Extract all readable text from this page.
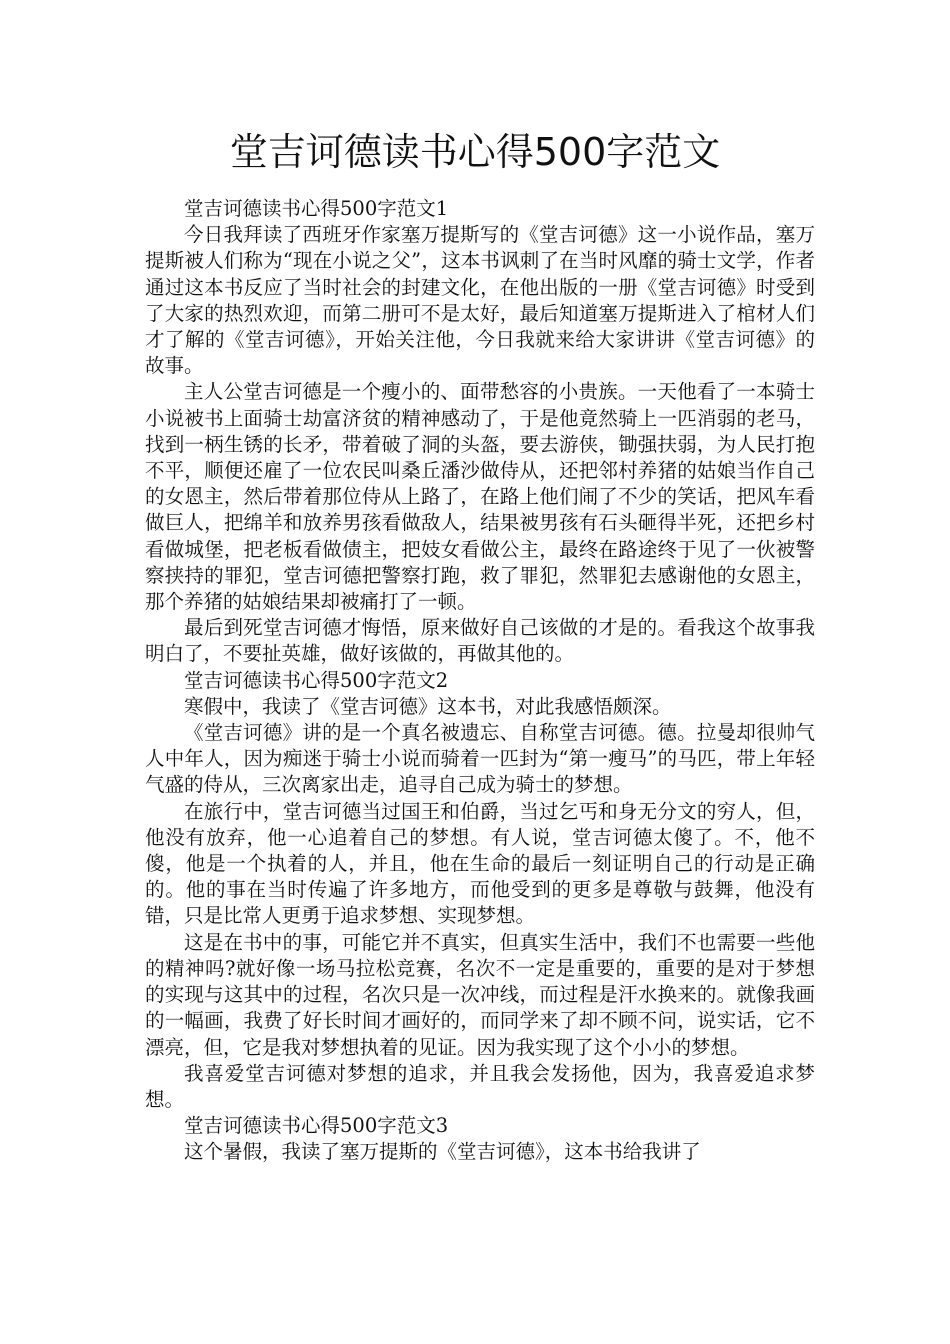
堂吉诃德读书心得500字范文

堂吉诃德读书心得500字范文1

今日我拜读了西班牙作家塞万提斯写的《堂吉诃德》这一小说作品，塞万提斯被人们称为“现在小说之父”，这本书讽刺了在当时风靡的骑士文学，作者通过这本书反应了当时社会的封建文化，在他出版的一册《堂吉诃德》时受到了大家的热烈欢迎，而第二册可不是太好，最后知道塞万提斯进入了棺材人们才了解的《堂吉诃德》，开始关注他，今日我就来给大家讲讲《堂吉诃德》的故事。

主人公堂吉诃德是一个瘦小的、面带愁容的小贵族。一天他看了一本骑士小说被书上面骑士劫富济贫的精神感动了，于是他竟然骑上一匹消弱的老马，找到一柄生锈的长矛，带着破了洞的头盔，要去游侠，锄强扶弱，为人民打抱不平，顺便还雇了一位农民叫桑丘潘沙做侍从，还把邻村养猪的姑娘当作自己的女恩主，然后带着那位侍从上路了，在路上他们闹了不少的笑话，把风车看做巨人，把绵羊和放养男孩看做敌人，结果被男孩有石头砸得半死，还把乡村看做城堡，把老板看做债主，把妓女看做公主，最终在路途终于见了一伙被警察挟持的罪犯，堂吉诃德把警察打跑，救了罪犯，然罪犯去感谢他的女恩主，那个养猪的姑娘结果却被痛打了一顿。

最后到死堂吉诃德才悔悟，原来做好自己该做的才是的。看我这个故事我明白了，不要扯英雄，做好该做的，再做其他的。

堂吉诃德读书心得500字范文2

寒假中，我读了《堂吉诃德》这本书，对此我感悟颇深。

《堂吉诃德》讲的是一个真名被遗忘、自称堂吉诃德。德。拉曼却很帅气人中年人，因为痴迷于骑士小说而骑着一匹封为“第一瘦马”的马匹，带上年轻气盛的侍从，三次离家出走，追寻自己成为骑士的梦想。

在旅行中，堂吉诃德当过国王和伯爵，当过乞丐和身无分文的穷人，但，他没有放弃，他一心追着自己的梦想。有人说，堂吉诃德太傻了。不，他不傻，他是一个执着的人，并且，他在生命的最后一刻证明自己的行动是正确的。他的事在当时传遍了许多地方，而他受到的更多是尊敬与鼓舞，他没有错，只是比常人更勇于追求梦想、实现梦想。

这是在书中的事，可能它并不真实，但真实生活中，我们不也需要一些他的精神吗?就好像一场马拉松竞赛，名次不一定是重要的，重要的是对于梦想的实现与这其中的过程，名次只是一次冲线，而过程是汗水换来的。就像我画的一幅画，我费了好长时间才画好的，而同学来了却不顾不问，说实话，它不漂亮，但，它是我对梦想执着的见证。因为我实现了这个小小的梦想。

我喜爱堂吉诃德对梦想的追求，并且我会发扬他，因为，我喜爱追求梦想。

堂吉诃德读书心得500字范文3

这个暑假，我读了塞万提斯的《堂吉诃德》，这本书给我讲了
